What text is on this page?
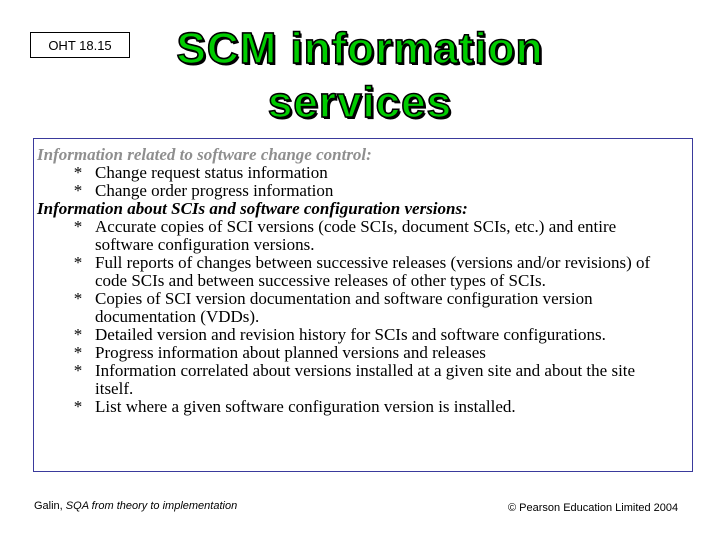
OHT 18.15	SCM information
services
Information related to software change control:
* Change request status information
* Change order progress information
Information about SCIs and software configuration versions:
* Accurate copies of SCI versions (code SCIs, document SCIs, etc.) and entire software configuration versions.
* Full reports of changes between successive releases (versions and/or revisions) of code SCIs and between successive releases of other types of SCIs.
* Copies of SCI version documentation and software configuration version documentation (VDDs).
* Detailed version and revision history for SCIs and software configurations.
* Progress information about planned versions and releases
* Information correlated about versions installed at a given site and about the site itself.
* List where a given software configuration version is installed.
Galin, SQA from theory to implementation	© Pearson Education Limited 2004
